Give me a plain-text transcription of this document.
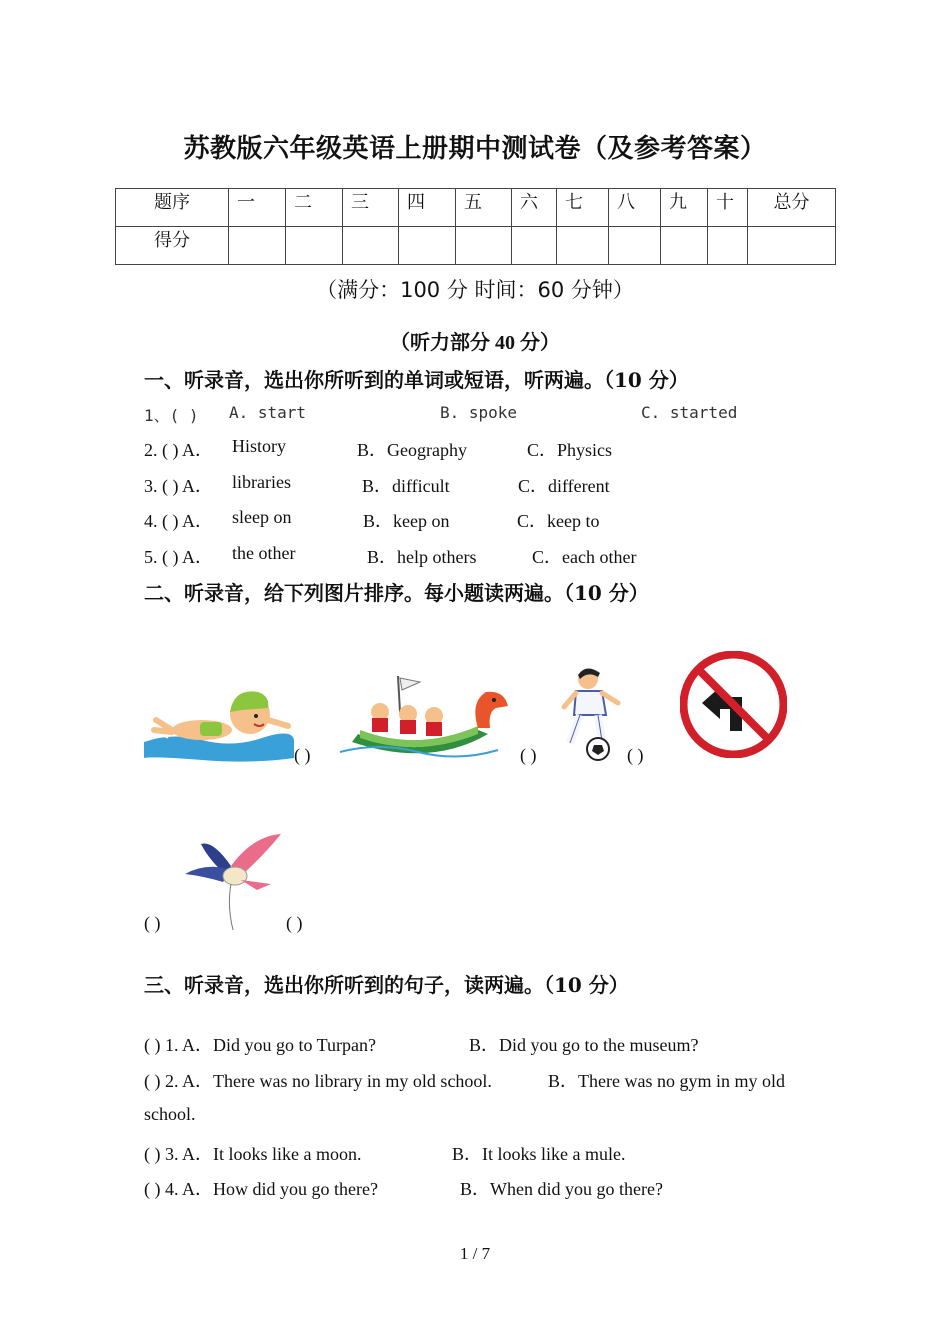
苏教版六年级英语上册期中测试卷（及参考答案）
题序	一	二	三	四	五	六	七	八	九	十	总分
得分											
（满分：100 分 时间：60 分钟）
（听力部分 40 分）
一、听录音，选出你所听到的单词或短语，听两遍。（10 分）
1、( ) A. start	B. spoke	C. started
2. ( ) A． History	B．Geography	C．Physics
3. ( ) A． libraries	B．difficult	C．different
4. ( ) A． sleep on	B．keep on	C．keep to
5. ( ) A． the other	B．help others	C．each other
二、听录音，给下列图片排序。每小题读两遍。（10 分）
( )	( )	( )
( )	( )
三、听录音，选出你所听到的句子，读两遍。（10 分）
( ) 1. A．Did you go to Turpan?	B．Did you go to the museum?
( ) 2. A．There was no library in my old school.	B．There was no gym in my old
school.
( ) 3. A．It looks like a moon.	B．It looks like a mule.
( ) 4. A．How did you go there?	B．When did you go there?
1 / 7
